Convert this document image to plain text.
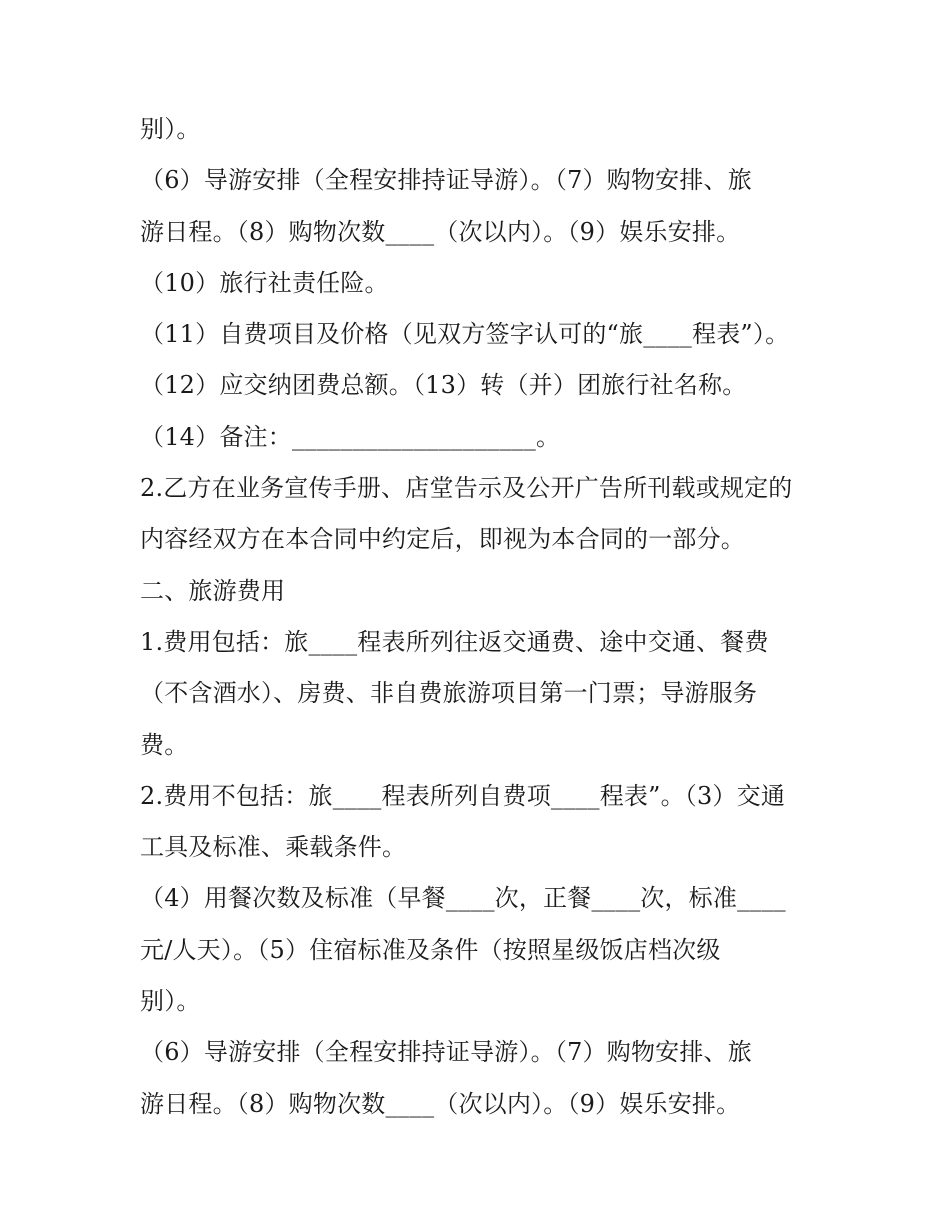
别）。
（6）导游安排（全程安排持证导游）。（7）购物安排、旅
游日程。（8）购物次数____（次以内）。（9）娱乐安排。
（10）旅行社责任险。
（11）自费项目及价格（见双方签字认可的“旅____程表”）。
（12）应交纳团费总额。（13）转（并）团旅行社名称。
（14）备注：____________________。
2.乙方在业务宣传手册、店堂告示及公开广告所刊载或规定的
内容经双方在本合同中约定后，即视为本合同的一部分。
二、旅游费用
1.费用包括：旅____程表所列往返交通费、途中交通、餐费
（不含酒水）、房费、非自费旅游项目第一门票；导游服务
费。
2.费用不包括：旅____程表所列自费项____程表”。（3）交通
工具及标准、乘载条件。
（4）用餐次数及标准（早餐____次，正餐____次，标准____
元/人天）。（5）住宿标准及条件（按照星级饭店档次级
别）。
（6）导游安排（全程安排持证导游）。（7）购物安排、旅
游日程。（8）购物次数____（次以内）。（9）娱乐安排。
